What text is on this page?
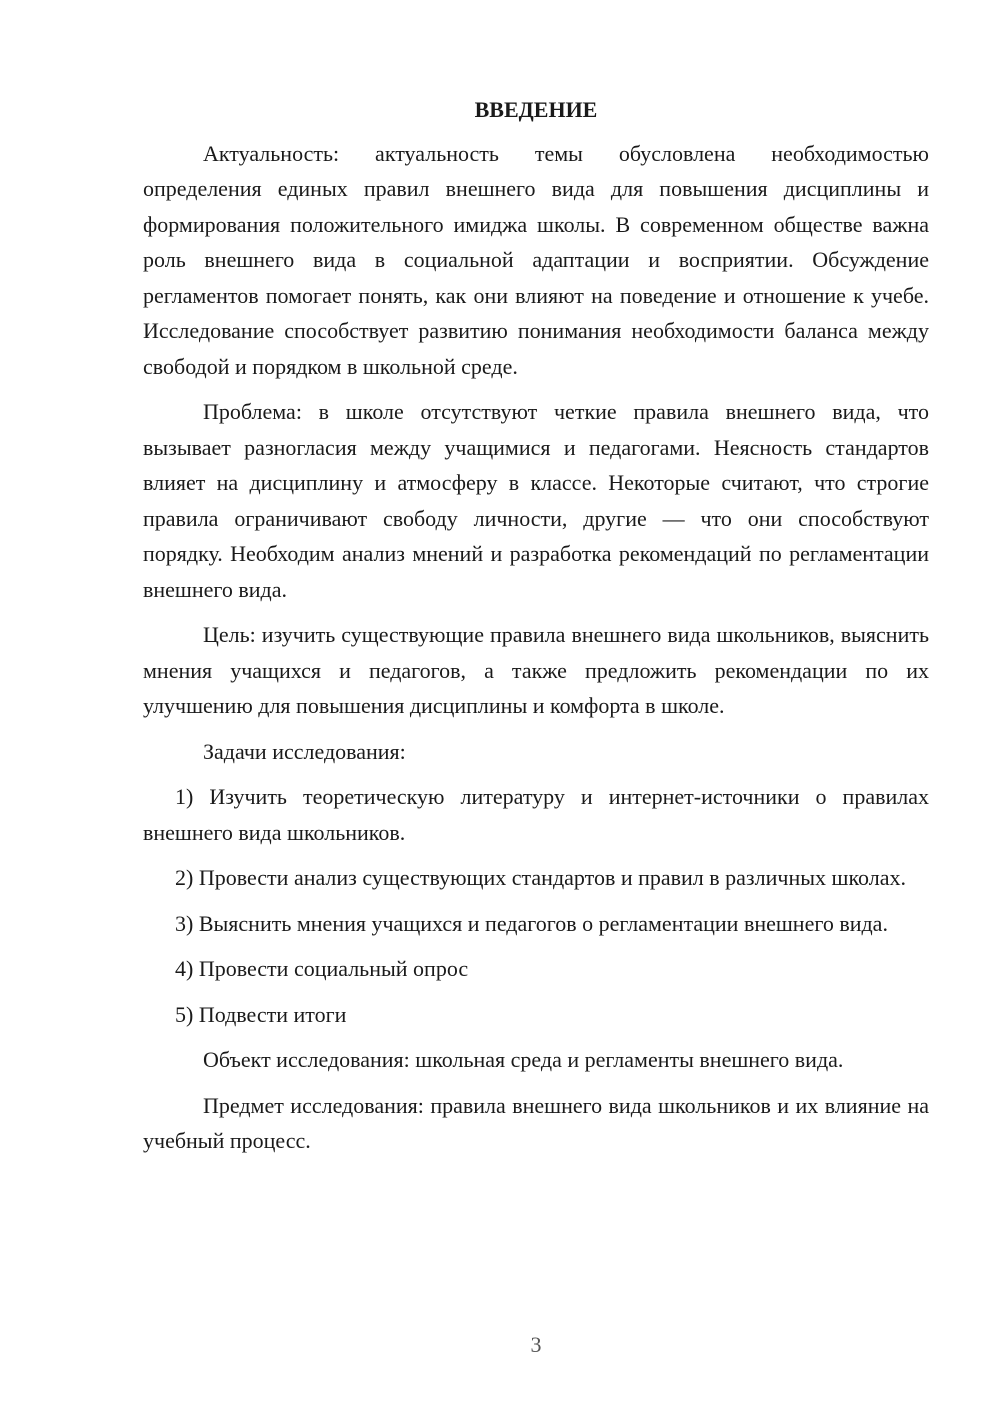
ВВЕДЕНИЕ

Актуальность: актуальность темы обусловлена необходимостью определения единых правил внешнего вида для повышения дисциплины и формирования положительного имиджа школы. В современном обществе важна роль внешнего вида в социальной адаптации и восприятии. Обсуждение регламентов помогает понять, как они влияют на поведение и отношение к учебе. Исследование способствует развитию понимания необходимости баланса между свободой и порядком в школьной среде.

Проблема: в школе отсутствуют четкие правила внешнего вида, что вызывает разногласия между учащимися и педагогами. Неясность стандартов влияет на дисциплину и атмосферу в классе. Некоторые считают, что строгие правила ограничивают свободу личности, другие — что они способствуют порядку. Необходим анализ мнений и разработка рекомендаций по регламентации внешнего вида.

Цель: изучить существующие правила внешнего вида школьников, выяснить мнения учащихся и педагогов, а также предложить рекомендации по их улучшению для повышения дисциплины и комфорта в школе.

Задачи исследования:

1) Изучить теоретическую литературу и интернет-источники о правилах внешнего вида школьников.

2) Провести анализ существующих стандартов и правил в различных школах.

3) Выяснить мнения учащихся и педагогов о регламентации внешнего вида.

4) Провести социальный опрос

5) Подвести итоги

Объект исследования: школьная среда и регламенты внешнего вида.

Предмет исследования: правила внешнего вида школьников и их влияние на учебный процесс.

3
